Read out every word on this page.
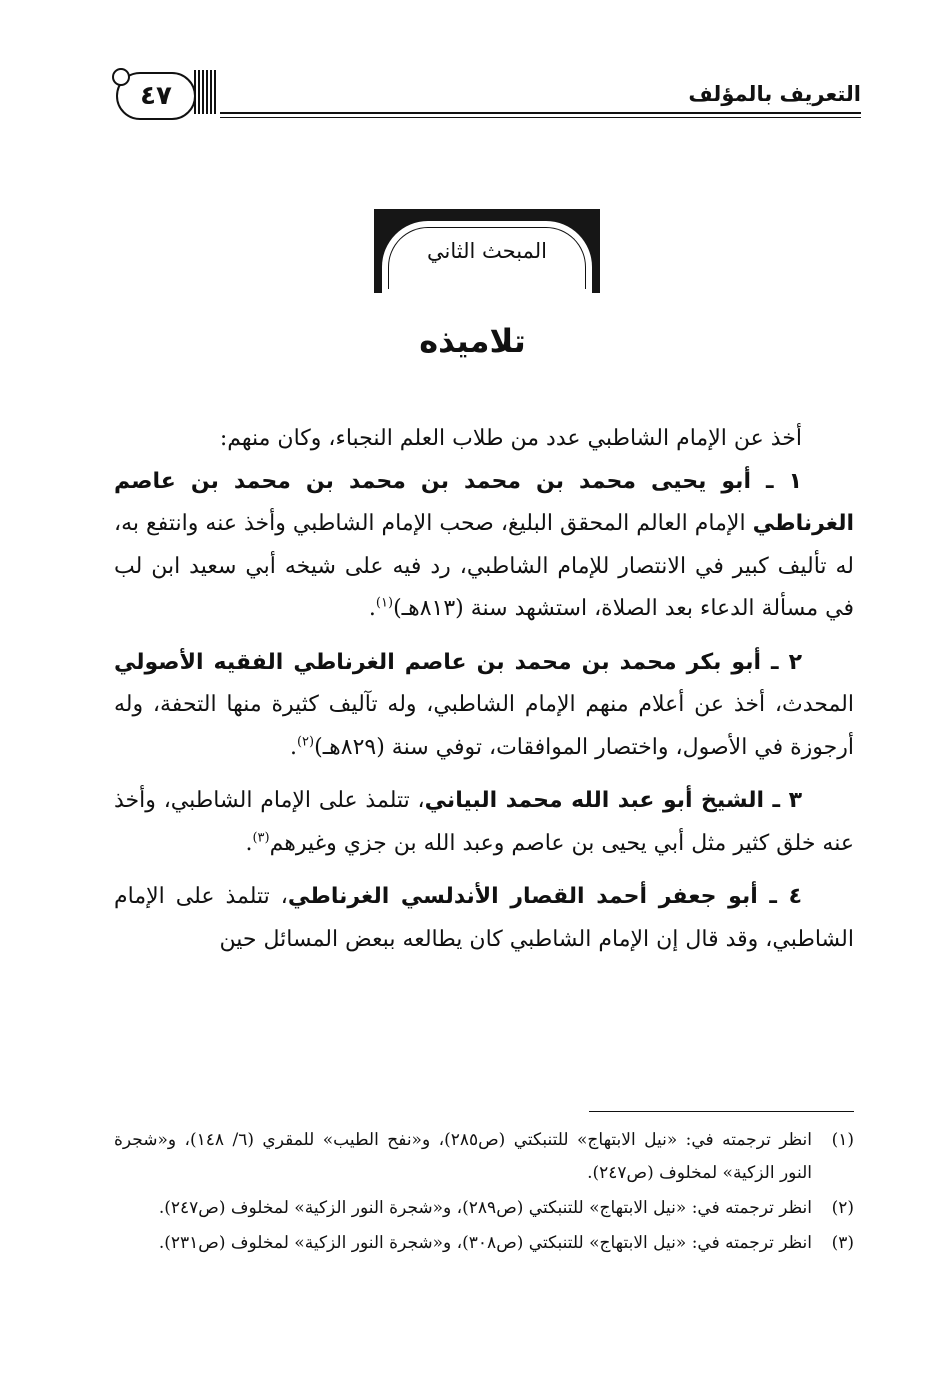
التعريف بالمؤلف
٤٧
المبحث الثاني
تلاميذه

أخذ عن الإمام الشاطبي عدد من طلاب العلم النجباء، وكان منهم:

١ ـ أبو يحيى محمد بن محمد بن محمد بن محمد بن عاصم الغرناطي الإمام العالم المحقق البليغ، صحب الإمام الشاطبي وأخذ عنه وانتفع به، له تأليف كبير في الانتصار للإمام الشاطبي، رد فيه على شيخه أبي سعيد ابن لب في مسألة الدعاء بعد الصلاة، استشهد سنة (٨١٣هـ)$^{(١)}$.

٢ ـ أبو بكر محمد بن محمد بن عاصم الغرناطي الفقيه الأصولي المحدث، أخذ عن أعلام منهم الإمام الشاطبي، وله تآليف كثيرة منها التحفة، وله أرجوزة في الأصول، واختصار الموافقات، توفي سنة (٨٢٩هـ)$^{(٢)}$.

٣ ـ الشيخ أبو عبد الله محمد البياني، تتلمذ على الإمام الشاطبي، وأخذ عنه خلق كثير مثل أبي يحيى بن عاصم وعبد الله بن جزي وغيرهم$^{(٣)}$.

٤ ـ أبو جعفر أحمد القصار الأندلسي الغرناطي، تتلمذ على الإمام الشاطبي، وقد قال إن الإمام الشاطبي كان يطالعه ببعض المسائل حين

(١)
انظر ترجمته في: «نيل الابتهاج» للتنبكتي (ص٢٨٥)، و«نفح الطيب» للمقري (٦/ ١٤٨)، و«شجرة النور الزكية» لمخلوف (ص٢٤٧).
(٢)
انظر ترجمته في: «نيل الابتهاج» للتنبكتي (ص٢٨٩)، و«شجرة النور الزكية» لمخلوف (ص٢٤٧).
(٣)
انظر ترجمته في: «نيل الابتهاج» للتنبكتي (ص٣٠٨)، و«شجرة النور الزكية» لمخلوف (ص٢٣١).
